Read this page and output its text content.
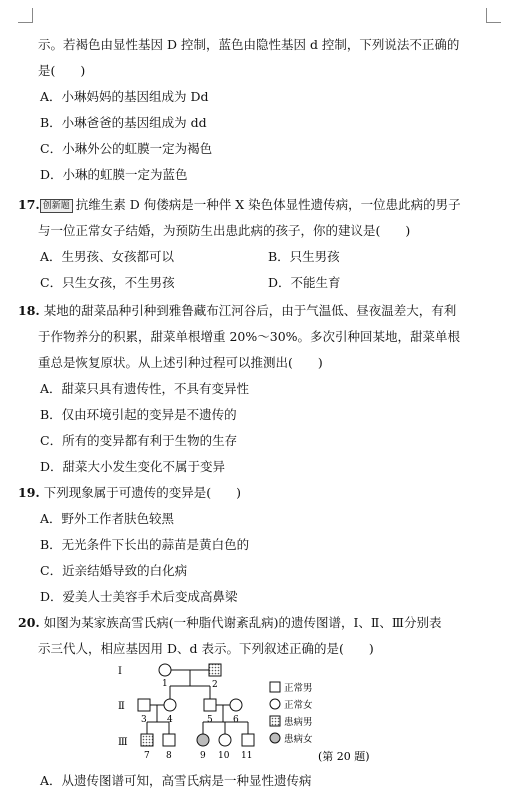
示。若褐色由显性基因 D 控制，蓝色由隐性基因 d 控制，下列说法不正确的
是(　　)
A．小琳妈妈的基因组成为 Dd
B．小琳爸爸的基因组成为 dd
C．小琳外公的虹膜一定为褐色
D．小琳的虹膜一定为蓝色
17. 创新题 抗维生素 D 佝偻病是一种伴 X 染色体显性遗传病，一位患此病的男子
与一位正常女子结婚，为预防生出患此病的孩子，你的建议是(　　)
A．生男孩、女孩都可以	B．只生男孩
C．只生女孩，不生男孩	D．不能生育
18. 某地的甜菜品种引种到雅鲁藏布江河谷后，由于气温低、昼夜温差大，有利
于作物养分的积累，甜菜单根增重 20%～30%。多次引种回某地，甜菜单根
重总是恢复原状。从上述引种过程可以推测出(　　)
A．甜菜只具有遗传性，不具有变异性
B．仅由环境引起的变异是不遗传的
C．所有的变异都有利于生物的生存
D．甜菜大小发生变化不属于变异
19. 下列现象属于可遗传的变异是(　　)
A．野外工作者肤色较黑
B．无光条件下长出的蒜苗是黄白色的
C．近亲结婚导致的白化病
D．爱美人士美容手术后变成高鼻梁
20. 如图为某家族高雪氏病(一种脂代谢紊乱病)的遗传图谱，Ⅰ、Ⅱ、Ⅲ分别表
示三代人，相应基因用 D、d 表示。下列叙述正确的是(　　)
A．从遗传图谱可知，高雪氏病是一种显性遗传病
Ⅰ
Ⅱ
Ⅲ
1	2
3 4	5 6
7 8	9 10 11
正常男
正常女
患病男
患病女
(第 20 题)
